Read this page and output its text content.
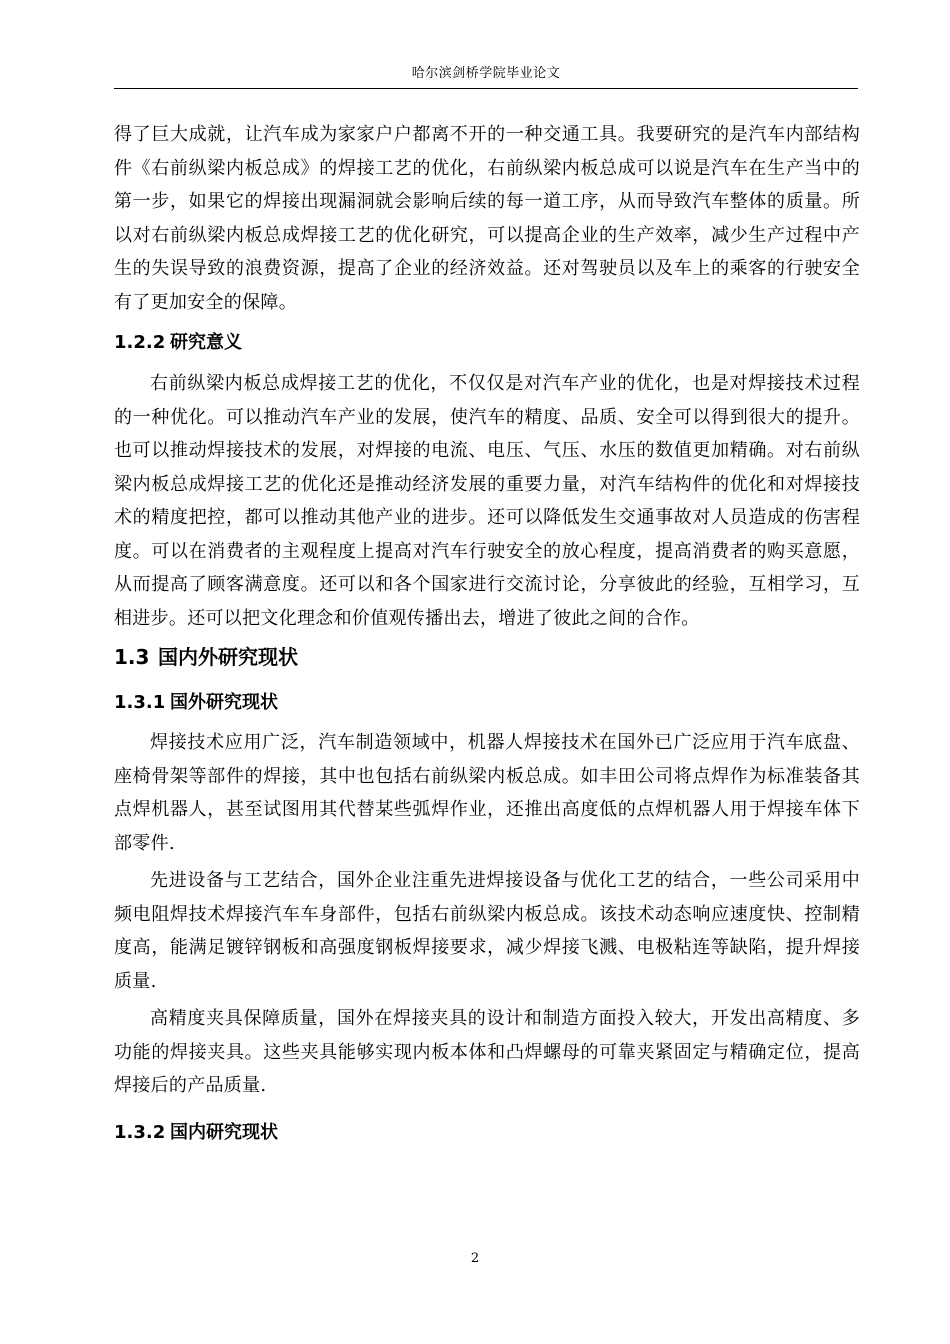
哈尔滨剑桥学院毕业论文

得了巨大成就，让汽车成为家家户户都离不开的一种交通工具。我要研究的是汽车内部结构件《右前纵梁内板总成》的焊接工艺的优化，右前纵梁内板总成可以说是汽车在生产当中的第一步，如果它的焊接出现漏洞就会影响后续的每一道工序，从而导致汽车整体的质量。所以对右前纵梁内板总成焊接工艺的优化研究，可以提高企业的生产效率，减少生产过程中产生的失误导致的浪费资源，提高了企业的经济效益。还对驾驶员以及车上的乘客的行驶安全有了更加安全的保障。

1.2.2 研究意义

右前纵梁内板总成焊接工艺的优化，不仅仅是对汽车产业的优化，也是对焊接技术过程的一种优化。可以推动汽车产业的发展，使汽车的精度、品质、安全可以得到很大的提升。也可以推动焊接技术的发展，对焊接的电流、电压、气压、水压的数值更加精确。对右前纵梁内板总成焊接工艺的优化还是推动经济发展的重要力量，对汽车结构件的优化和对焊接技术的精度把控，都可以推动其他产业的进步。还可以降低发生交通事故对人员造成的伤害程度。可以在消费者的主观程度上提高对汽车行驶安全的放心程度，提高消费者的购买意愿，从而提高了顾客满意度。还可以和各个国家进行交流讨论，分享彼此的经验，互相学习，互相进步。还可以把文化理念和价值观传播出去，增进了彼此之间的合作。

1.3 国内外研究现状
1.3.1 国外研究现状

焊接技术应用广泛，汽车制造领域中，机器人焊接技术在国外已广泛应用于汽车底盘、座椅骨架等部件的焊接，其中也包括右前纵梁内板总成。如丰田公司将点焊作为标准装备其点焊机器人，甚至试图用其代替某些弧焊作业，还推出高度低的点焊机器人用于焊接车体下部零件.

先进设备与工艺结合，国外企业注重先进焊接设备与优化工艺的结合，一些公司采用中频电阻焊技术焊接汽车车身部件，包括右前纵梁内板总成。该技术动态响应速度快、控制精度高，能满足镀锌钢板和高强度钢板焊接要求，减少焊接飞溅、电极粘连等缺陷，提升焊接质量.

高精度夹具保障质量，国外在焊接夹具的设计和制造方面投入较大，开发出高精度、多功能的焊接夹具。这些夹具能够实现内板本体和凸焊螺母的可靠夹紧固定与精确定位，提高焊接后的产品质量.

1.3.2 国内研究现状
2
